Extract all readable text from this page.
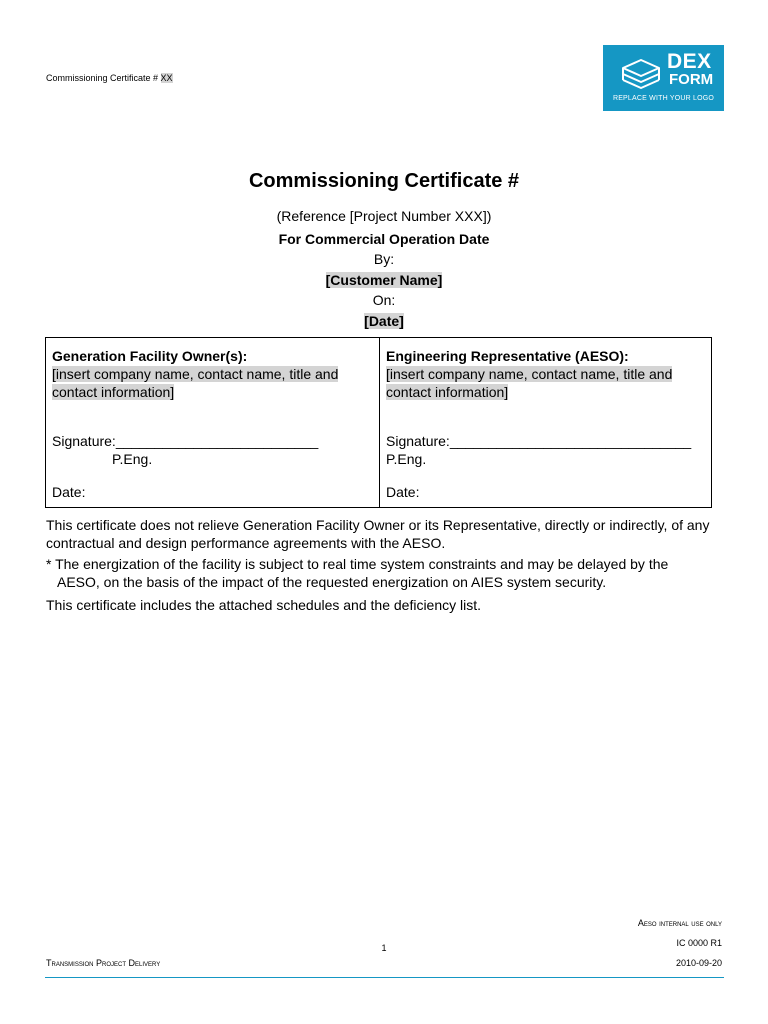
Commissioning Certificate # XX
DEX
FORM
REPLACE WITH YOUR LOGO
Commissioning Certificate #
(Reference [Project Number XXX])
For Commercial Operation Date
By:
[Customer Name]
On:
[Date]
Generation Facility Owner(s):
[insert company name, contact name, title and contact information]
Signature:__________________________
P.Eng.
Date:
Engineering Representative (AESO):
[insert company name, contact name, title and contact information]
Signature:_______________________________
P.Eng.
Date:
This certificate does not relieve Generation Facility Owner or its Representative, directly or indirectly, of any contractual and design performance agreements with the AESO.
* The energization of the facility is subject to real time system constraints and may be delayed by the
AESO, on the basis of the impact of the requested energization on AIES system security.
This certificate includes the attached schedules and the deficiency list.
Aeso internal use only
1	IC 0000 R1
Transmission Project Delivery	2010-09-20
